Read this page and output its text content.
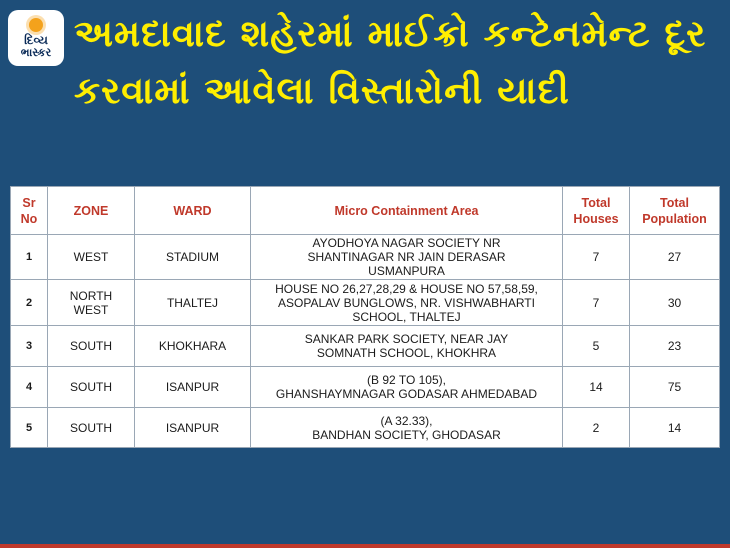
દિવ્ય
ભાસ્કર અમદાવાદ શહેરમાં માઈક્રો કન્ટેનમેન્ટ દૂર
કરવામાં આવેલા વિસ્તારોની યાદી
Sr
No	ZONE	WARD	Micro Containment Area	Total
Houses	Total
Population
1	WEST	STADIUM	AYODHOYA NAGAR SOCIETY NR
SHANTINAGAR NR JAIN DERASAR
USMANPURA	7	27
2	NORTH
WEST	THALTEJ	HOUSE NO 26,27,28,29 & HOUSE NO 57,58,59,
ASOPALAV BUNGLOWS, NR. VISHWABHARTI
SCHOOL, THALTEJ	7	30
3	SOUTH	KHOKHARA	SANKAR PARK SOCIETY, NEAR JAY
SOMNATH SCHOOL, KHOKHRA	5	23
4	SOUTH	ISANPUR	(B 92 TO 105),
GHANSHAYMNAGAR GODASAR AHMEDABAD	14	75
5	SOUTH	ISANPUR	(A 32.33),
BANDHAN SOCIETY, GHODASAR	2	14
